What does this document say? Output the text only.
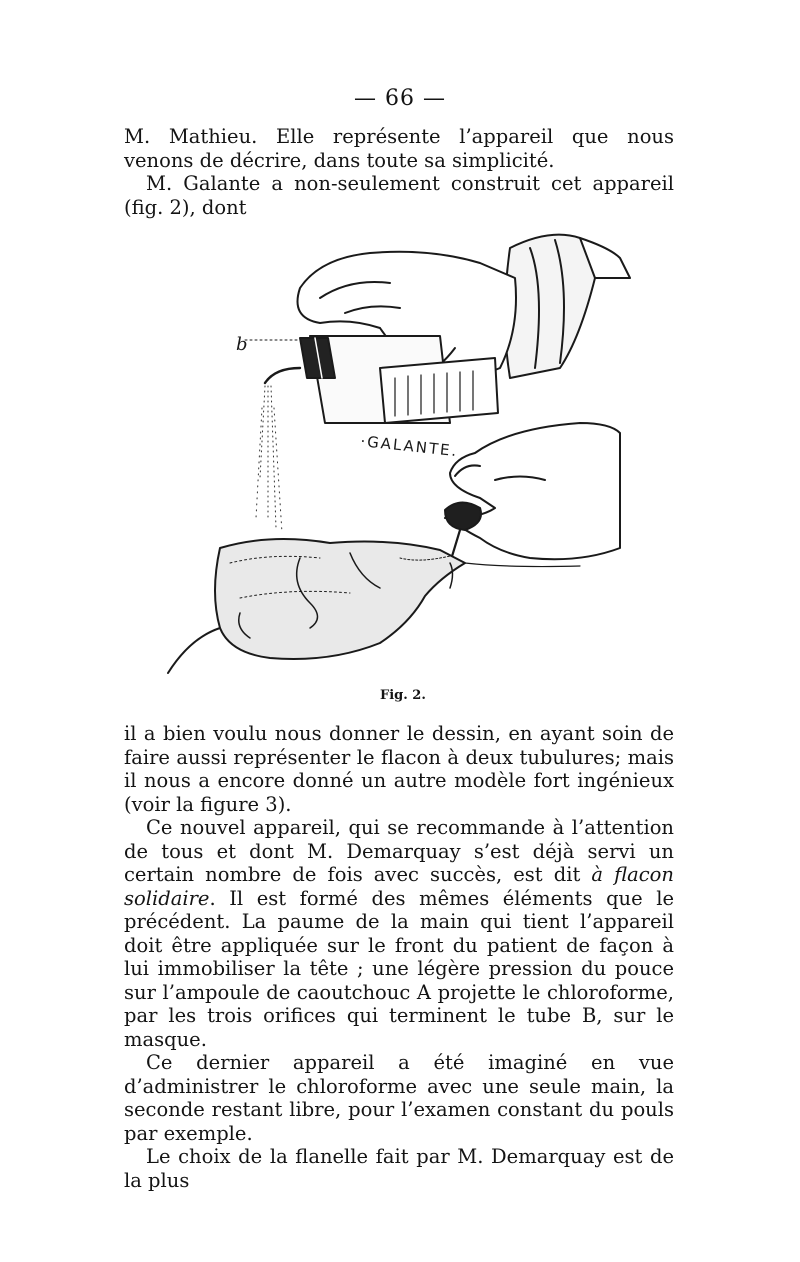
— 66 —

M. Mathieu. Elle représente l’appareil que nous venons de décrire, dans toute sa simplicité.

M. Galante a non-seulement construit cet appareil (fig. 2), dont

b
·GALANTE.
Fig. 2.

il a bien voulu nous donner le dessin, en ayant soin de faire aussi représenter le flacon à deux tubulures; mais il nous a encore donné un autre modèle fort ingénieux (voir la figure 3).

Ce nouvel appareil, qui se recommande à l’attention de tous et dont M. Demarquay s’est déjà servi un certain nombre de fois avec succès, est dit à flacon solidaire. Il est formé des mêmes éléments que le précédent. La paume de la main qui tient l’appareil doit être appliquée sur le front du patient de façon à lui immobiliser la tête ; une légère pression du pouce sur l’ampoule de caoutchouc A projette le chloroforme, par les trois orifices qui terminent le tube B, sur le masque.

Ce dernier appareil a été imaginé en vue d’administrer le chloroforme avec une seule main, la seconde restant libre, pour l’examen constant du pouls par exemple.

Le choix de la flanelle fait par M. Demarquay est de la plus
